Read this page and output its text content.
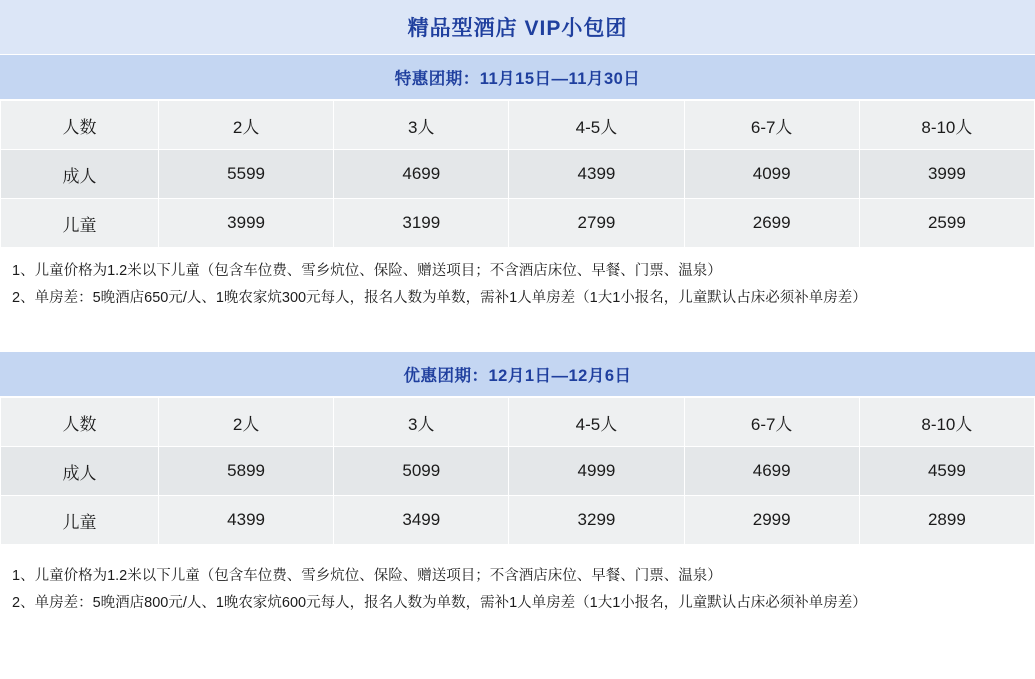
精品型酒店 VIP小包团
特惠团期：11月15日—11月30日
人数	2人	3人	4-5人	6-7人	8-10人
成人	5599	4699	4399	4099	3999
儿童	3999	3199	2799	2699	2599
1、儿童价格为1.2米以下儿童（包含车位费、雪乡炕位、保险、赠送项目；不含酒店床位、早餐、门票、温泉）
2、单房差：5晚酒店650元/人、1晚农家炕300元每人，报名人数为单数，需补1人单房差（1大1小报名，儿童默认占床必须补单房差）
优惠团期：12月1日—12月6日
人数	2人	3人	4-5人	6-7人	8-10人
成人	5899	5099	4999	4699	4599
儿童	4399	3499	3299	2999	2899
1、儿童价格为1.2米以下儿童（包含车位费、雪乡炕位、保险、赠送项目；不含酒店床位、早餐、门票、温泉）
2、单房差：5晚酒店800元/人、1晚农家炕600元每人，报名人数为单数，需补1人单房差（1大1小报名，儿童默认占床必须补单房差）
